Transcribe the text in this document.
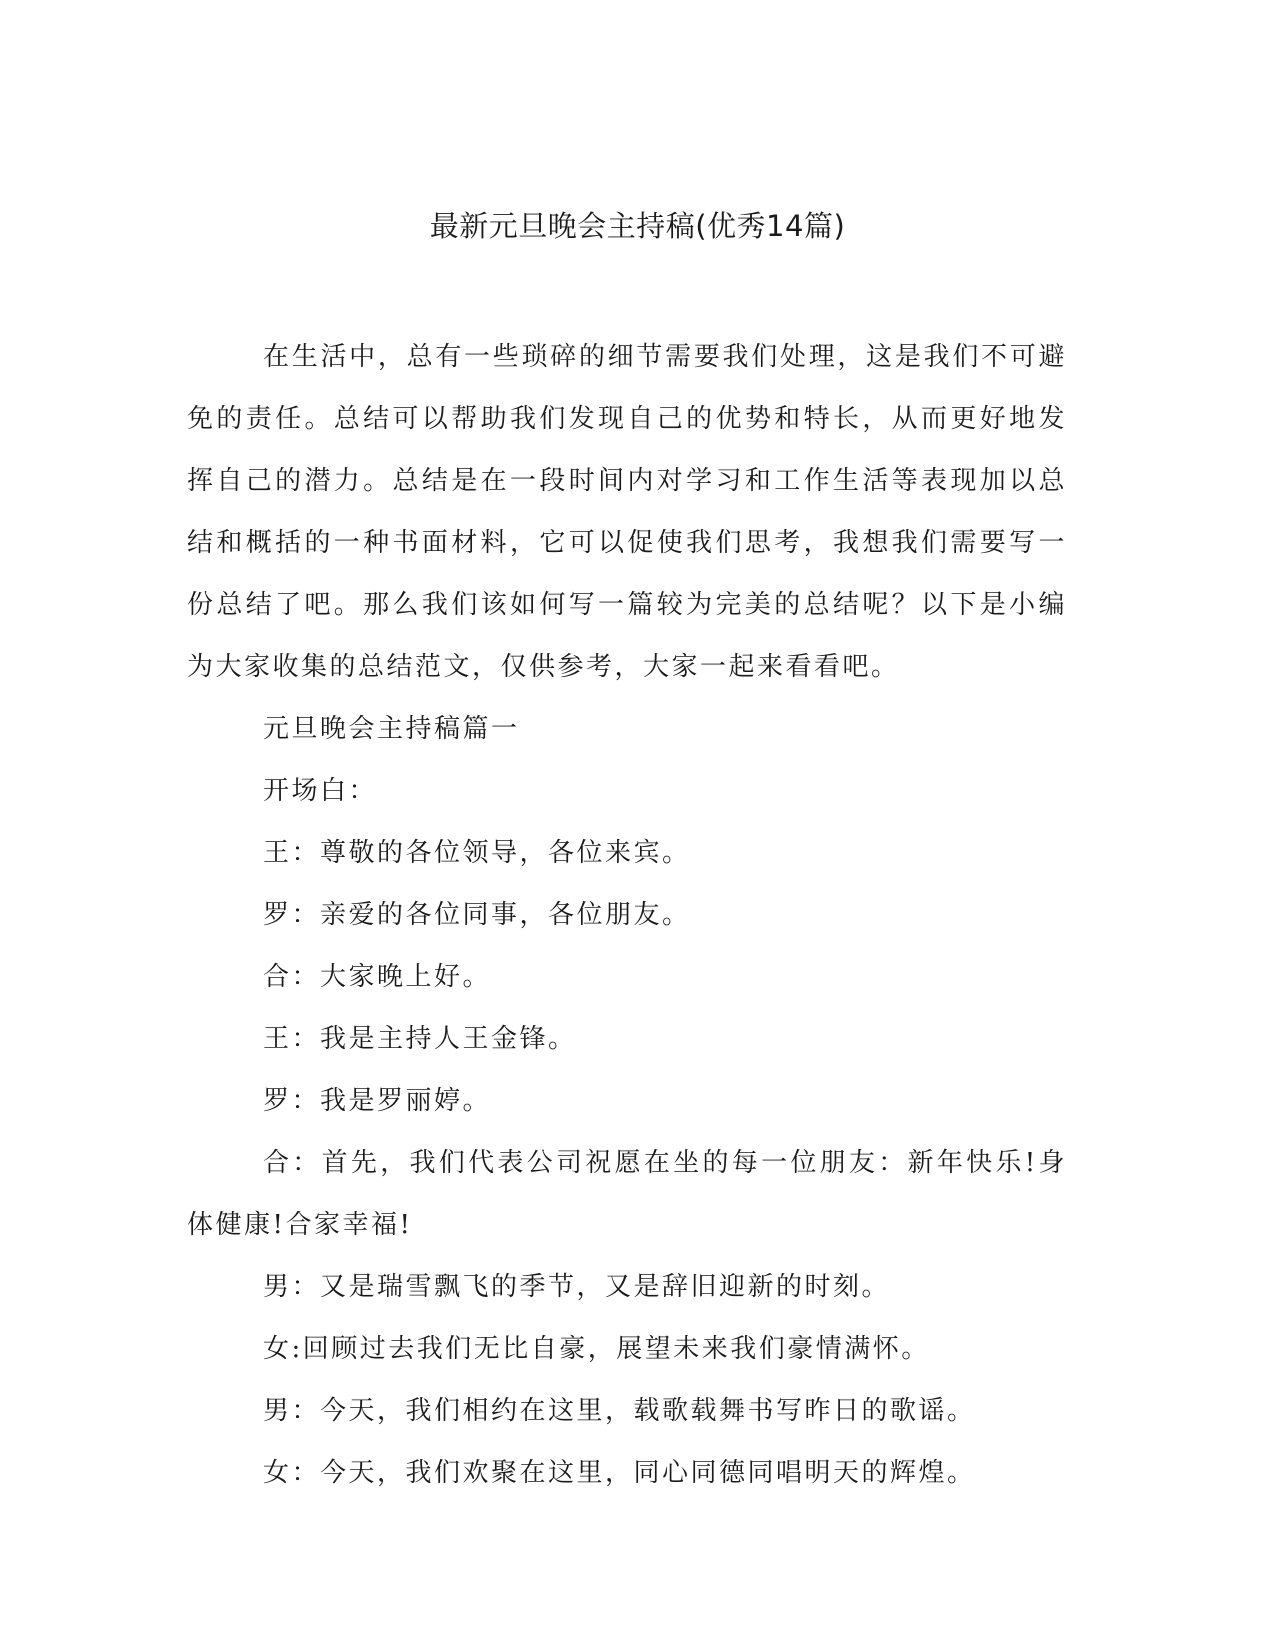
最新元旦晚会主持稿(优秀14篇)

在生活中，总有一些琐碎的细节需要我们处理，这是我们不可避免的责任。总结可以帮助我们发现自己的优势和特长，从而更好地发挥自己的潜力。总结是在一段时间内对学习和工作生活等表现加以总结和概括的一种书面材料，它可以促使我们思考，我想我们需要写一份总结了吧。那么我们该如何写一篇较为完美的总结呢？以下是小编为大家收集的总结范文，仅供参考，大家一起来看看吧。

元旦晚会主持稿篇一

开场白：

王：尊敬的各位领导，各位来宾。

罗：亲爱的各位同事，各位朋友。

合：大家晚上好。

王：我是主持人王金锋。

罗：我是罗丽婷。

合：首先，我们代表公司祝愿在坐的每一位朋友：新年快乐!身体健康!合家幸福!

男：又是瑞雪飘飞的季节，又是辞旧迎新的时刻。

女:回顾过去我们无比自豪，展望未来我们豪情满怀。

男：今天，我们相约在这里，载歌载舞书写昨日的歌谣。

女：今天，我们欢聚在这里，同心同德同唱明天的辉煌。
